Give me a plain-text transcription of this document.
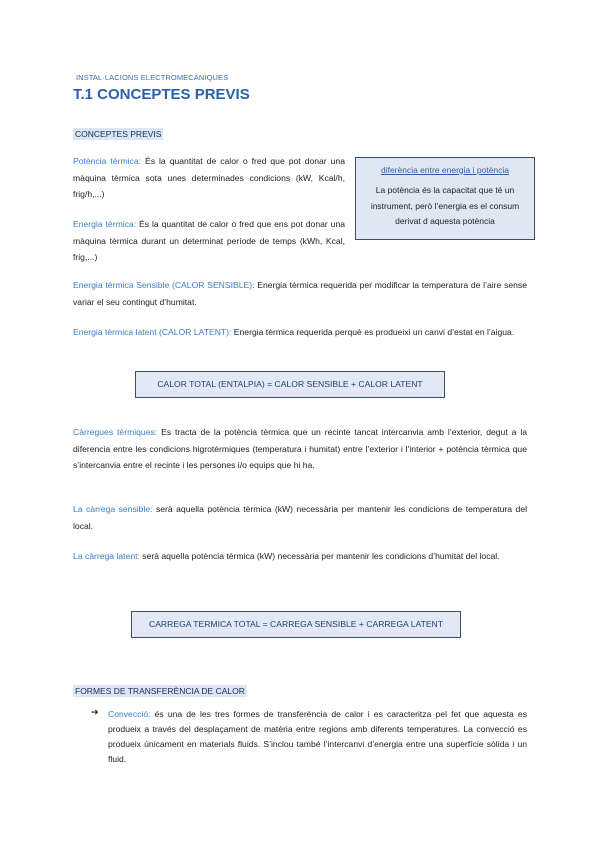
INSTAL·LACIONS ELECTROMECÀNIQUES
T.1 CONCEPTES PREVIS
CONCEPTES PREVIS
Potència tèrmica: És la quantitat de calor o fred que pot donar una màquina tèrmica sota unes determinades condicions (kW, Kcal/h, frig/h,...)
diferència entre energia i potència
La potència és la capacitat que té un instrument, però l’energia es el consum derivat d aquesta potència
Energia tèrmica: És la quantitat de calor o fred que ens pot donar una màquina tèrmica durant un determinat període de temps (kWh, Kcal, frig,...)
Energia tèrmica Sensible (CALOR SENSIBLE): Energia tèrmica requerida per modificar la temperatura de l’aire sense variar el seu contingut d’humitat.
Energia tèrmica latent (CALOR LATENT): Energia tèrmica requerida perquè es produeixi un canvi d’estat en l’aigua.
CALOR TOTAL (ENTALPIA) = CALOR SENSIBLE + CALOR LATENT
Càrregues tèrmiques: Es tracta de la potència tèrmica que un recinte tancat intercanvia amb l’exterior, degut a la diferencia entre les condicions higrotèrmiques (temperatura i humitat) entre l’exterior i l’interior + potència tèrmica que s’intercanvia entre el recinte i les persones i/o equips que hi ha.
La càrrega sensible: serà aquella potència tèrmica (kW) necessària per mantenir les condicions de temperatura del local.
La càrrega latent: serà aquella potència tèrmica (kW) necessària per mantenir les condicions d’humitat del local.
CARREGA TERMICA TOTAL = CARREGA SENSIBLE + CARREGA LATENT
FORMES DE TRANSFERÈNCIA DE CALOR
➔ Convecció: és una de les tres formes de transferència de calor i es caracteritza pel fet que aquesta es produeix a través del desplaçament de matèria entre regions amb diferents temperatures. La convecció es produeix únicament en materials fluids. S’inclou també l’intercanvi d’energia entre una superfície sòlida i un fluid.
